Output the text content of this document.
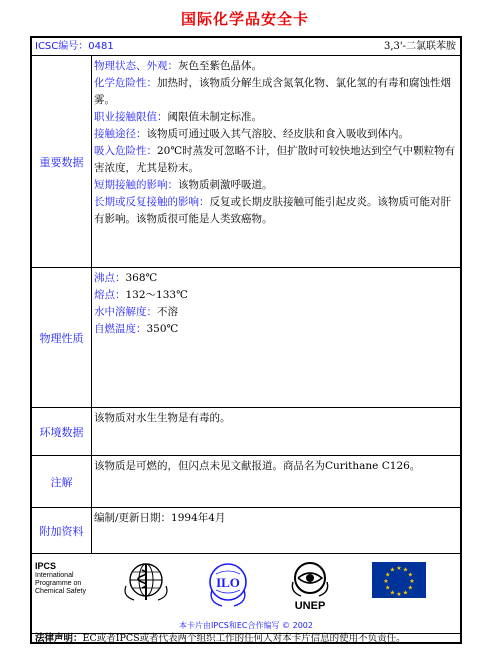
国际化学品安全卡
ICSC编号：0481	3,3'-二氯联苯胺
重要数据
物理状态、外观：灰色至紫色晶体。
化学危险性：加热时，该物质分解生成含氮氧化物、氯化氢的有毒和腐蚀性烟雾。
职业接触限值：阈限值未制定标准。
接触途径：该物质可通过吸入其气溶胶、经皮肤和食入吸收到体内。
吸入危险性：20℃时蒸发可忽略不计，但扩散时可较快地达到空气中颗粒物有害浓度，尤其是粉末。
短期接触的影响：该物质刺激呼吸道。
长期或反复接触的影响：反复或长期皮肤接触可能引起皮炎。该物质可能对肝有影响。该物质很可能是人类致癌物。
物理性质
沸点：368℃
熔点：132～133℃
水中溶解度：不溶
自燃温度：350℃
环境数据
该物质对水生生物是有毒的。
注解
该物质是可燃的，但闪点未见文献报道。商品名为Curithane C126。
附加资料
编制/更新日期：1994年4月
IPCS
International
Programme on
Chemical Safety
ILO
UNEP
★ ★
★
★
★
★
★
★
★
★
★
★
本卡片由IPCS和EC合作编写 © 2002
法律声明：EC或者IPCS或者代表两个组织工作的任何人对本卡片信息的使用不负责任。
